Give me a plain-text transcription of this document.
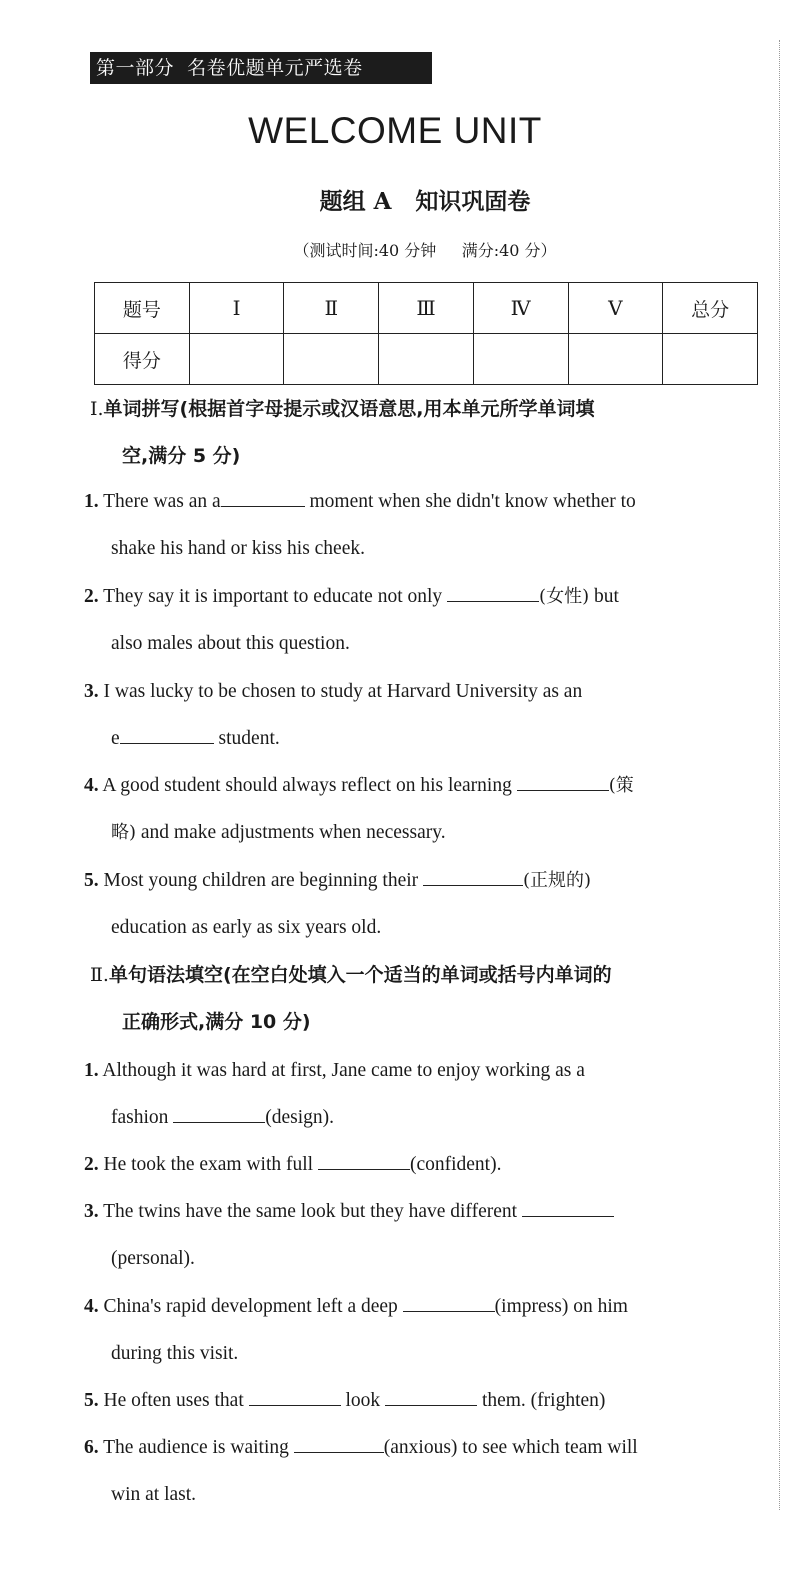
第一部分  名卷优题单元严选卷
WELCOME UNIT
题组 A   知识巩固卷
（测试时间:40 分钟     满分:40 分）
题号	Ⅰ	Ⅱ	Ⅲ	Ⅳ	Ⅴ	总分
得分						
Ⅰ.单词拼写(根据首字母提示或汉语意思,用本单元所学单词填
空,满分 5 分)
1. There was an a	moment when she didn't know whether to
shake his hand or kiss his cheek.
2. They say it is important to educate not only	(女性) but
also males about this question.
3. I was lucky to be chosen to study at Harvard University as an
e	student.
4. A good student should always reflect on his learning	(策
略) and make adjustments when necessary.
5. Most young children are beginning their	(正规的)
education as early as six years old.
Ⅱ.单句语法填空(在空白处填入一个适当的单词或括号内单词的
正确形式,满分 10 分)
1. Although it was hard at first, Jane came to enjoy working as a
fashion	(design).
2. He took the exam with full	(confident).
3. The twins have the same look but they have different
(personal).
4. China's rapid development left a deep	(impress) on him
during this visit.
5. He often uses that	look	them. (frighten)
6. The audience is waiting	(anxious) to see which team will
win at last.
